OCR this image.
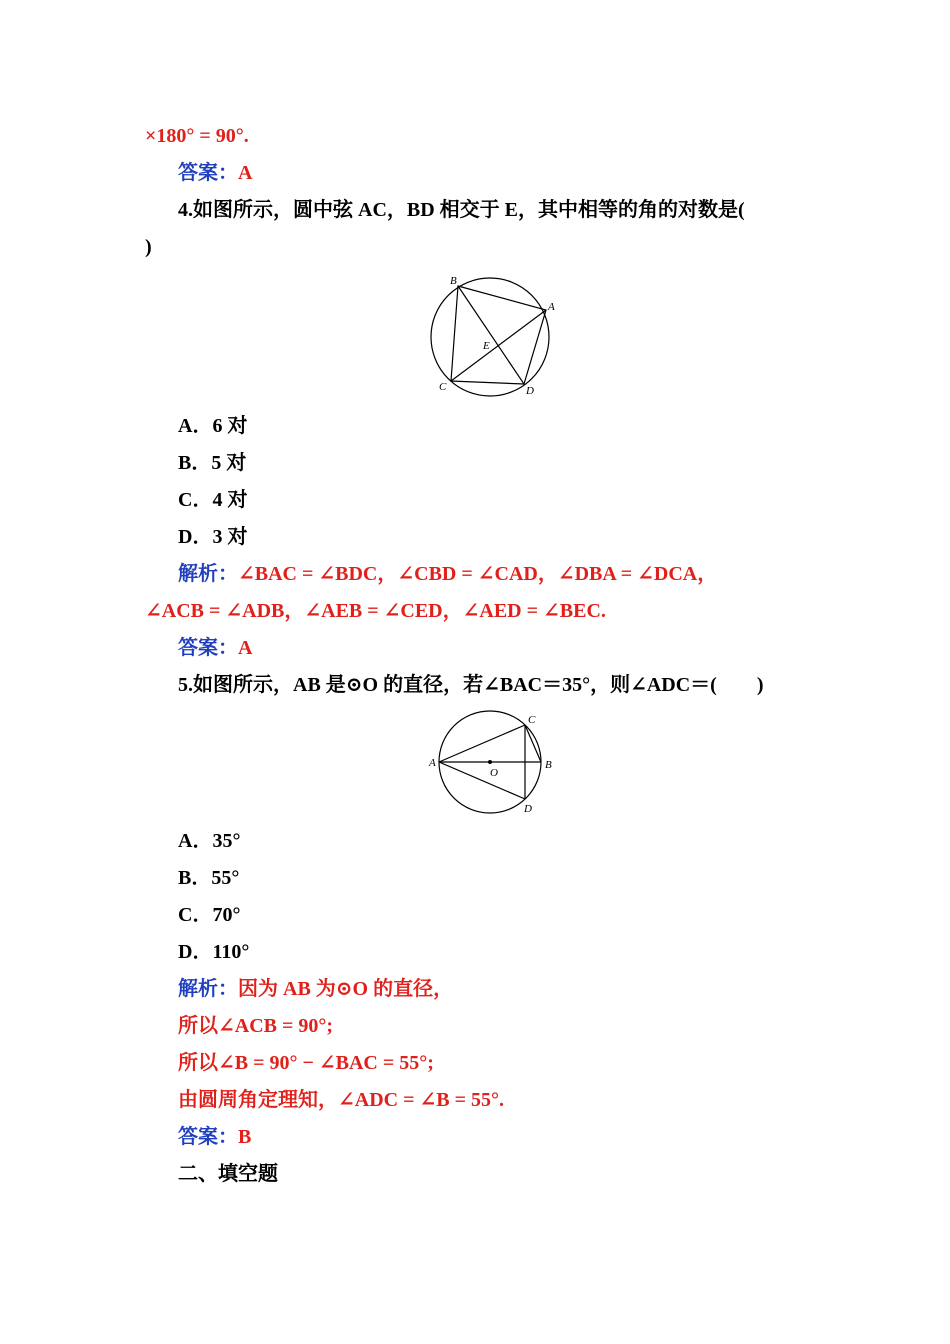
×180° = 90°.
答案：A
4.如图所示，圆中弦 AC，BD 相交于 E，其中相等的角的对数是(
)
B
A
C	D
E
A．6 对
B．5 对
C．4 对
D．3 对
解析：∠BAC = ∠BDC，∠CBD = ∠CAD，∠DBA = ∠DCA，
∠ACB = ∠ADB，∠AEB = ∠CED，∠AED = ∠BEC.
答案：A
5.如图所示，AB 是⊙O 的直径，若∠BAC＝35°，则∠ADC＝(　　)
A	B
C
D
O
A．35°
B．55°
C．70°
D．110°
解析：因为 AB 为⊙O 的直径，
所以∠ACB = 90°;
所以∠B = 90° − ∠BAC = 55°;
由圆周角定理知，∠ADC = ∠B = 55°.
答案：B
二、填空题
